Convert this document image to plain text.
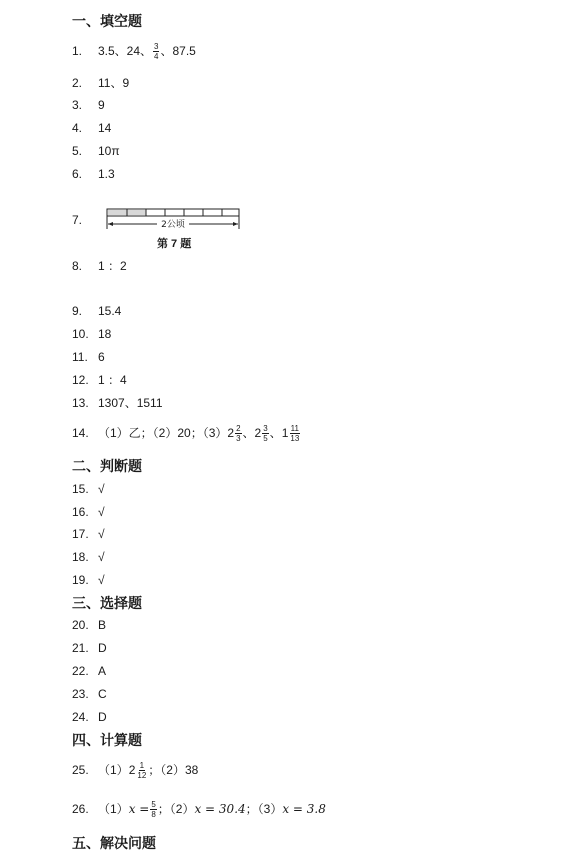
一、填空题
1. 3.5、24、 $\frac{3}{4}$ 、87.5
2. 11、9
3. 9
4. 14
5. 10π
6. 1.3
7.	2公顷
第 7 题
8. 1 ：2
9. 15.4
10. 18
11. 6
12. 1 ：4
13. 1307、1511
14. （1）乙；（2）20；$(3)2 \frac{2}{3}$ 、$2 \frac{3}{5}$ 、$1 \frac{11}{13}$
二、判断题
15. √
16. √
17. √
18. √
19. √
三、选择题
20. B
21. D
22. A
23. C
24. D
四、计算题
25. $(1)2 \frac{1}{12}$ ；（2）38
26. $(1)x = \frac{5}{8}$ ；（2）x = 30.4；（3）x = 3.8
五、解决问题
